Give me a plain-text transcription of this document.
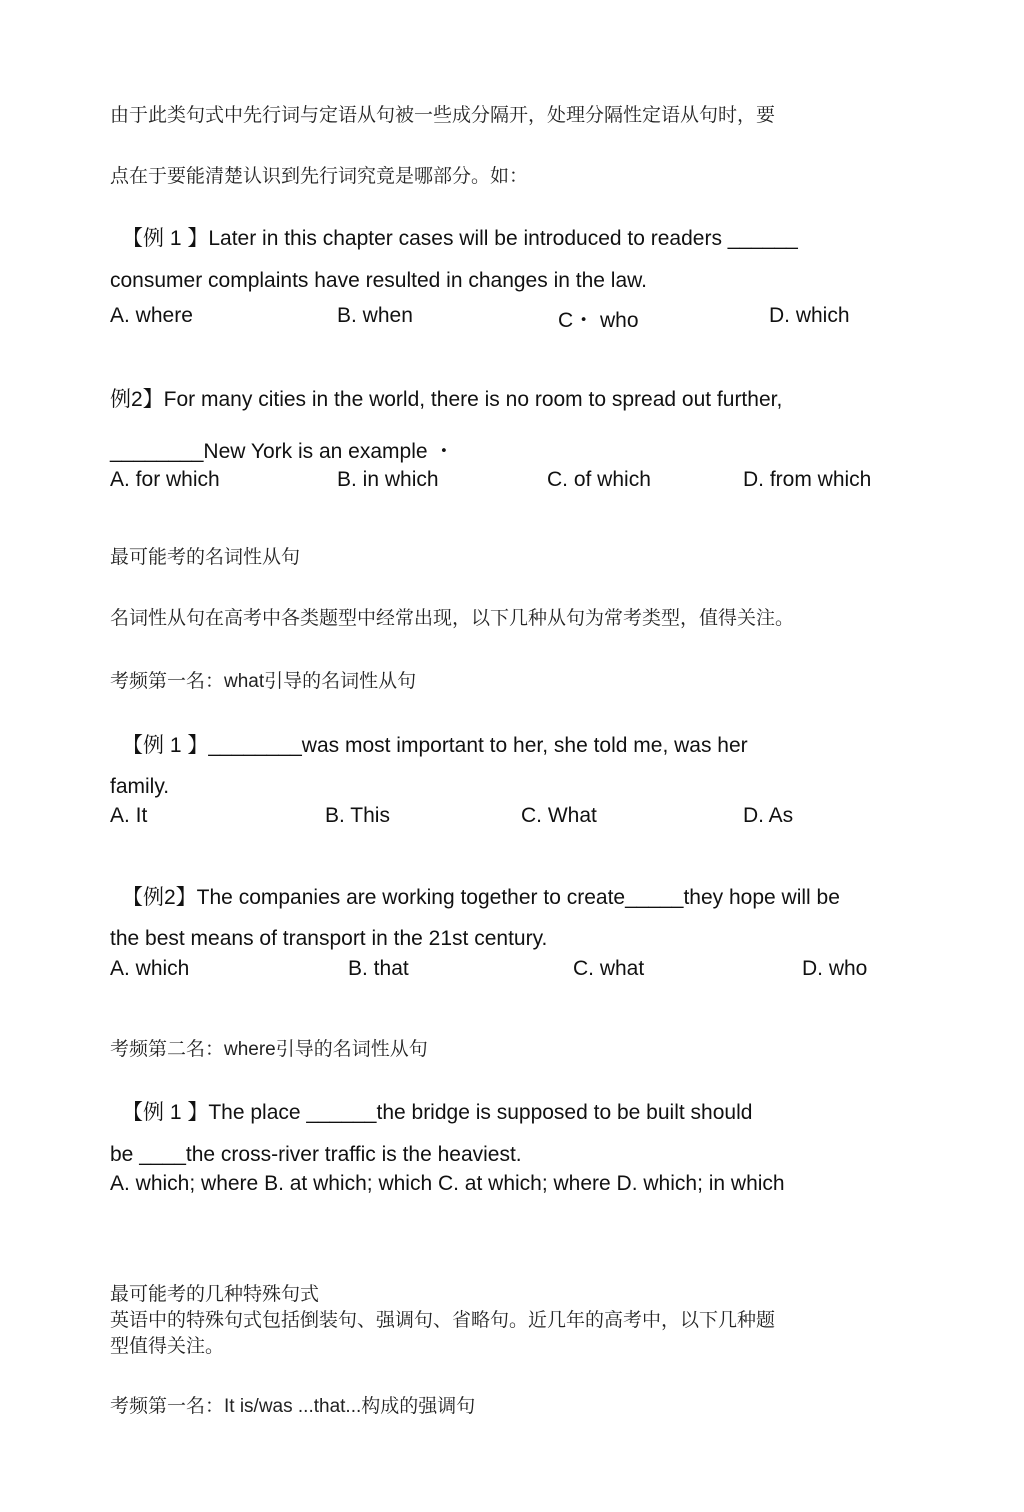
由于此类句式中先行词与定语从句被一些成分隔开，处理分隔性定语从句时，要
点在于要能清楚认识到先行词究竟是哪部分。如：
【例 1 】Later in this chapter cases will be introduced to readers ______
consumer complaints have resulted in changes in the law.
A. where	B. when	C・ who	D. which
例2】For many cities in the world, there is no room to spread out further,
________New York is an example ・
A. for which	B. in which	C. of which	D. from which
最可能考的名词性从句
名词性从句在高考中各类题型中经常出现，以下几种从句为常考类型，值得关注。
考频第一名：what引导的名词性从句
【例 1 】________was most important to her, she told me, was her
family.
A. It	B. This	C. What	D. As
【例2】The companies are working together to create_____they hope will be
the best means of transport in the 21st century.
A. which	B. that	C. what	D. who
考频第二名：where引导的名词性从句
【例 1 】The place ______the bridge is supposed to be built should
be ____the cross-river traffic is the heaviest.
A. which; where B. at which; which C. at which; where D. which; in which
最可能考的几种特殊句式
英语中的特殊句式包括倒装句、强调句、省略句。近几年的高考中，以下几种题
型值得关注。
考频第一名：It is/was ...that...构成的强调句
